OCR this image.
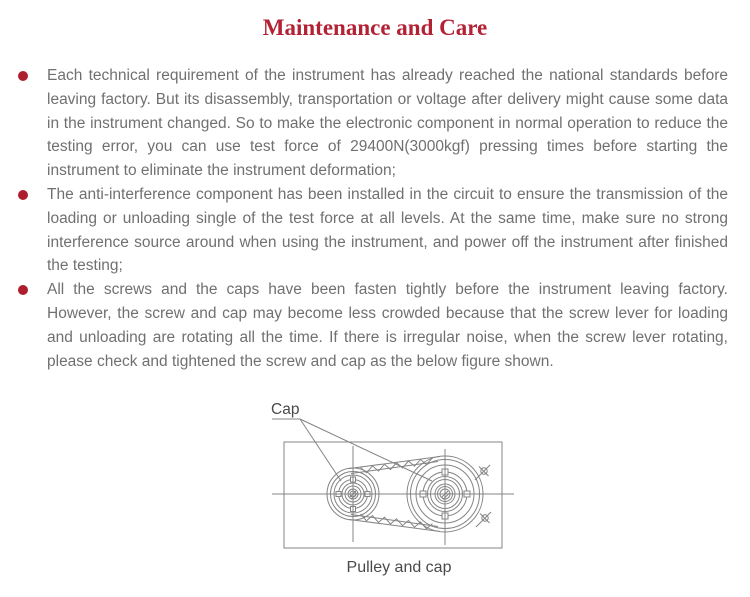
Maintenance and Care

Each technical requirement of the instrument has already reached the national standards before leaving factory. But its disassembly, transportation or voltage after delivery might cause some data in the instrument changed. So to make the electronic component in normal operation to reduce the testing error, you can use test force of 29400N(3000kgf) pressing times before starting the instrument to eliminate the instrument deformation;

The anti-interference component has been installed in the circuit to ensure the transmission of the loading or unloading single of the test force at all levels. At the same time, make sure no strong interference source around when using the instrument, and power off the instrument after finished the testing;

All the screws and the caps have been fasten tightly before the instrument leaving factory. However, the screw and cap may become less crowded because that the screw lever for loading and unloading are rotating all the time. If there is irregular noise, when the screw lever rotating, please check and tightened the screw and cap as the below figure shown.

Cap
Pulley and cap
